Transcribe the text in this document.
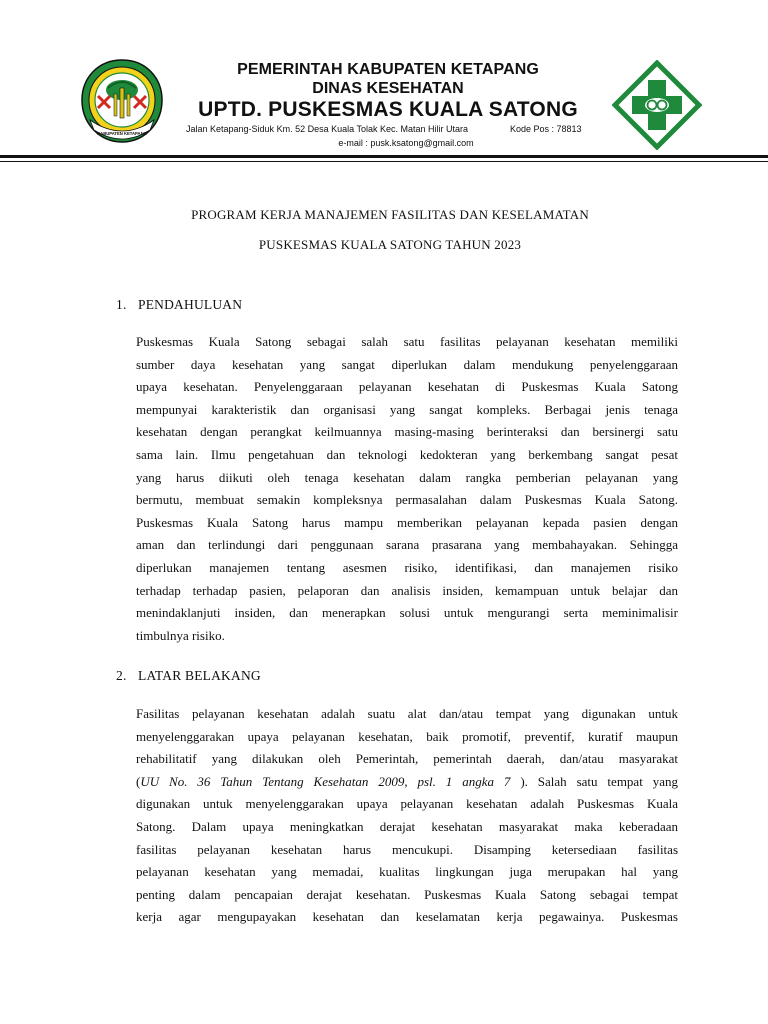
KABUPATEN KETAPANG
PEMERINTAH KABUPATEN KETAPANG
DINAS KESEHATAN
UPTD. PUSKESMAS KUALA SATONG
Jalan Ketapang-Siduk Km. 52 Desa Kuala Tolak Kec. Matan Hilir Utara	Kode Pos : 78813
e-mail : pusk.ksatong@gmail.com
PROGRAM KERJA MANAJEMEN FASILITAS DAN KESELAMATAN
PUSKESMAS KUALA SATONG TAHUN 2023
1. PENDAHULUAN
Puskesmas Kuala Satong sebagai salah satu fasilitas pelayanan kesehatan memiliki
sumber daya kesehatan yang sangat diperlukan dalam mendukung penyelenggaraan
upaya kesehatan. Penyelenggaraan pelayanan kesehatan di Puskesmas Kuala Satong
mempunyai karakteristik dan organisasi yang sangat kompleks. Berbagai jenis tenaga
kesehatan dengan perangkat keilmuannya masing-masing berinteraksi dan bersinergi satu
sama lain. Ilmu pengetahuan dan teknologi kedokteran yang berkembang sangat pesat
yang harus diikuti oleh tenaga kesehatan dalam rangka pemberian pelayanan yang
bermutu, membuat semakin kompleksnya permasalahan dalam Puskesmas Kuala Satong.
Puskesmas Kuala Satong harus mampu memberikan pelayanan kepada pasien dengan
aman dan terlindungi dari penggunaan sarana prasarana yang membahayakan. Sehingga
diperlukan manajemen tentang asesmen risiko, identifikasi, dan manajemen risiko
terhadap terhadap pasien, pelaporan dan analisis insiden, kemampuan untuk belajar dan
menindaklanjuti insiden, dan menerapkan solusi untuk mengurangi serta meminimalisir
timbulnya risiko.
2. LATAR BELAKANG
Fasilitas pelayanan kesehatan adalah suatu alat dan/atau tempat yang digunakan untuk
menyelenggarakan upaya pelayanan kesehatan, baik promotif, preventif, kuratif maupun
rehabilitatif yang dilakukan oleh Pemerintah, pemerintah daerah, dan/atau masyarakat
(UU No. 36 Tahun Tentang Kesehatan 2009, psl. 1 angka 7 ). Salah satu tempat yang
digunakan untuk menyelenggarakan upaya pelayanan kesehatan adalah Puskesmas Kuala
Satong. Dalam upaya meningkatkan derajat kesehatan masyarakat maka keberadaan
fasilitas pelayanan kesehatan harus mencukupi. Disamping ketersediaan fasilitas
pelayanan kesehatan yang memadai, kualitas lingkungan juga merupakan hal yang
penting dalam pencapaian derajat kesehatan. Puskesmas Kuala Satong sebagai tempat
kerja agar mengupayakan kesehatan dan keselamatan kerja pegawainya. Puskesmas
